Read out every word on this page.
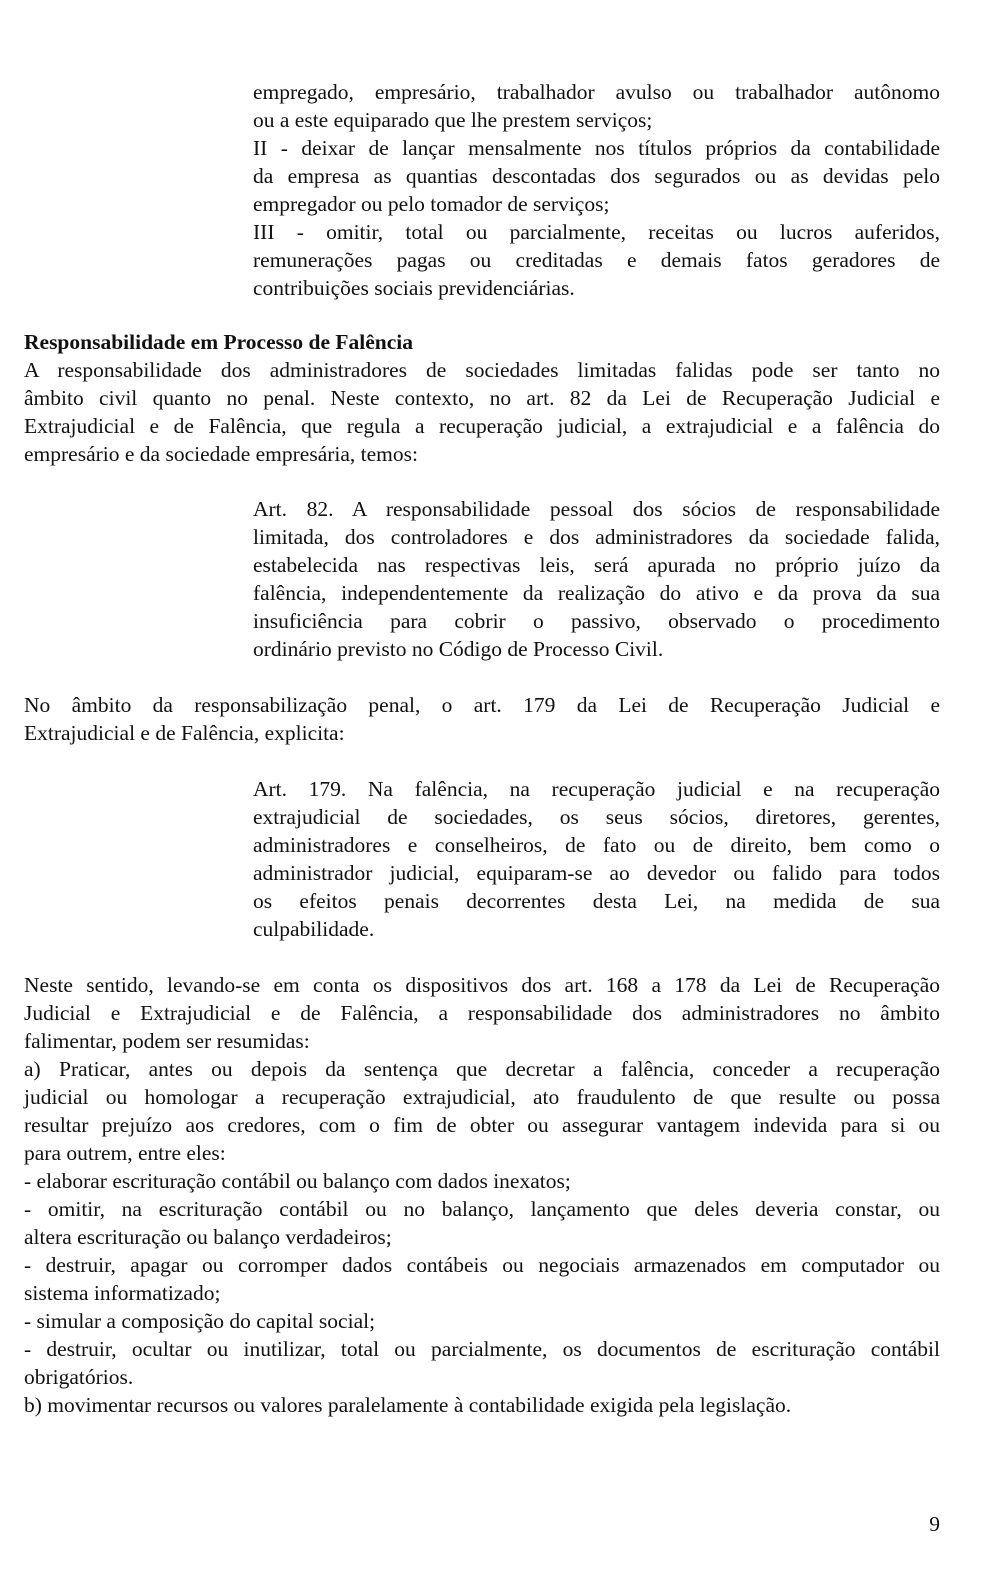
empregado, empresário, trabalhador avulso ou trabalhador autônomo
ou a este equiparado que lhe prestem serviços;
II - deixar de lançar mensalmente nos títulos próprios da contabilidade
da empresa as quantias descontadas dos segurados ou as devidas pelo
empregador ou pelo tomador de serviços;
III - omitir, total ou parcialmente, receitas ou lucros auferidos,
remunerações pagas ou creditadas e demais fatos geradores de
contribuições sociais previdenciárias.
Responsabilidade em Processo de Falência
A responsabilidade dos administradores de sociedades limitadas falidas pode ser tanto no
âmbito civil quanto no penal. Neste contexto, no art. 82 da Lei de Recuperação Judicial e
Extrajudicial e de Falência, que regula a recuperação judicial, a extrajudicial e a falência do
empresário e da sociedade empresária, temos:
Art. 82. A responsabilidade pessoal dos sócios de responsabilidade
limitada, dos controladores e dos administradores da sociedade falida,
estabelecida nas respectivas leis, será apurada no próprio juízo da
falência, independentemente da realização do ativo e da prova da sua
insuficiência para cobrir o passivo, observado o procedimento
ordinário previsto no Código de Processo Civil.
No âmbito da responsabilização penal, o art. 179 da Lei de Recuperação Judicial e
Extrajudicial e de Falência, explicita:
Art. 179. Na falência, na recuperação judicial e na recuperação
extrajudicial de sociedades, os seus sócios, diretores, gerentes,
administradores e conselheiros, de fato ou de direito, bem como o
administrador judicial, equiparam-se ao devedor ou falido para todos
os efeitos penais decorrentes desta Lei, na medida de sua
culpabilidade.
Neste sentido, levando-se em conta os dispositivos dos art. 168 a 178 da Lei de Recuperação
Judicial e Extrajudicial e de Falência, a responsabilidade dos administradores no âmbito
falimentar, podem ser resumidas:
a) Praticar, antes ou depois da sentença que decretar a falência, conceder a recuperação
judicial ou homologar a recuperação extrajudicial, ato fraudulento de que resulte ou possa
resultar prejuízo aos credores, com o fim de obter ou assegurar vantagem indevida para si ou
para outrem, entre eles:
- elaborar escrituração contábil ou balanço com dados inexatos;
- omitir, na escrituração contábil ou no balanço, lançamento que deles deveria constar, ou
altera escrituração ou balanço verdadeiros;
- destruir, apagar ou corromper dados contábeis ou negociais armazenados em computador ou
sistema informatizado;
- simular a composição do capital social;
- destruir, ocultar ou inutilizar, total ou parcialmente, os documentos de escrituração contábil
obrigatórios.
b) movimentar recursos ou valores paralelamente à contabilidade exigida pela legislação.
9
